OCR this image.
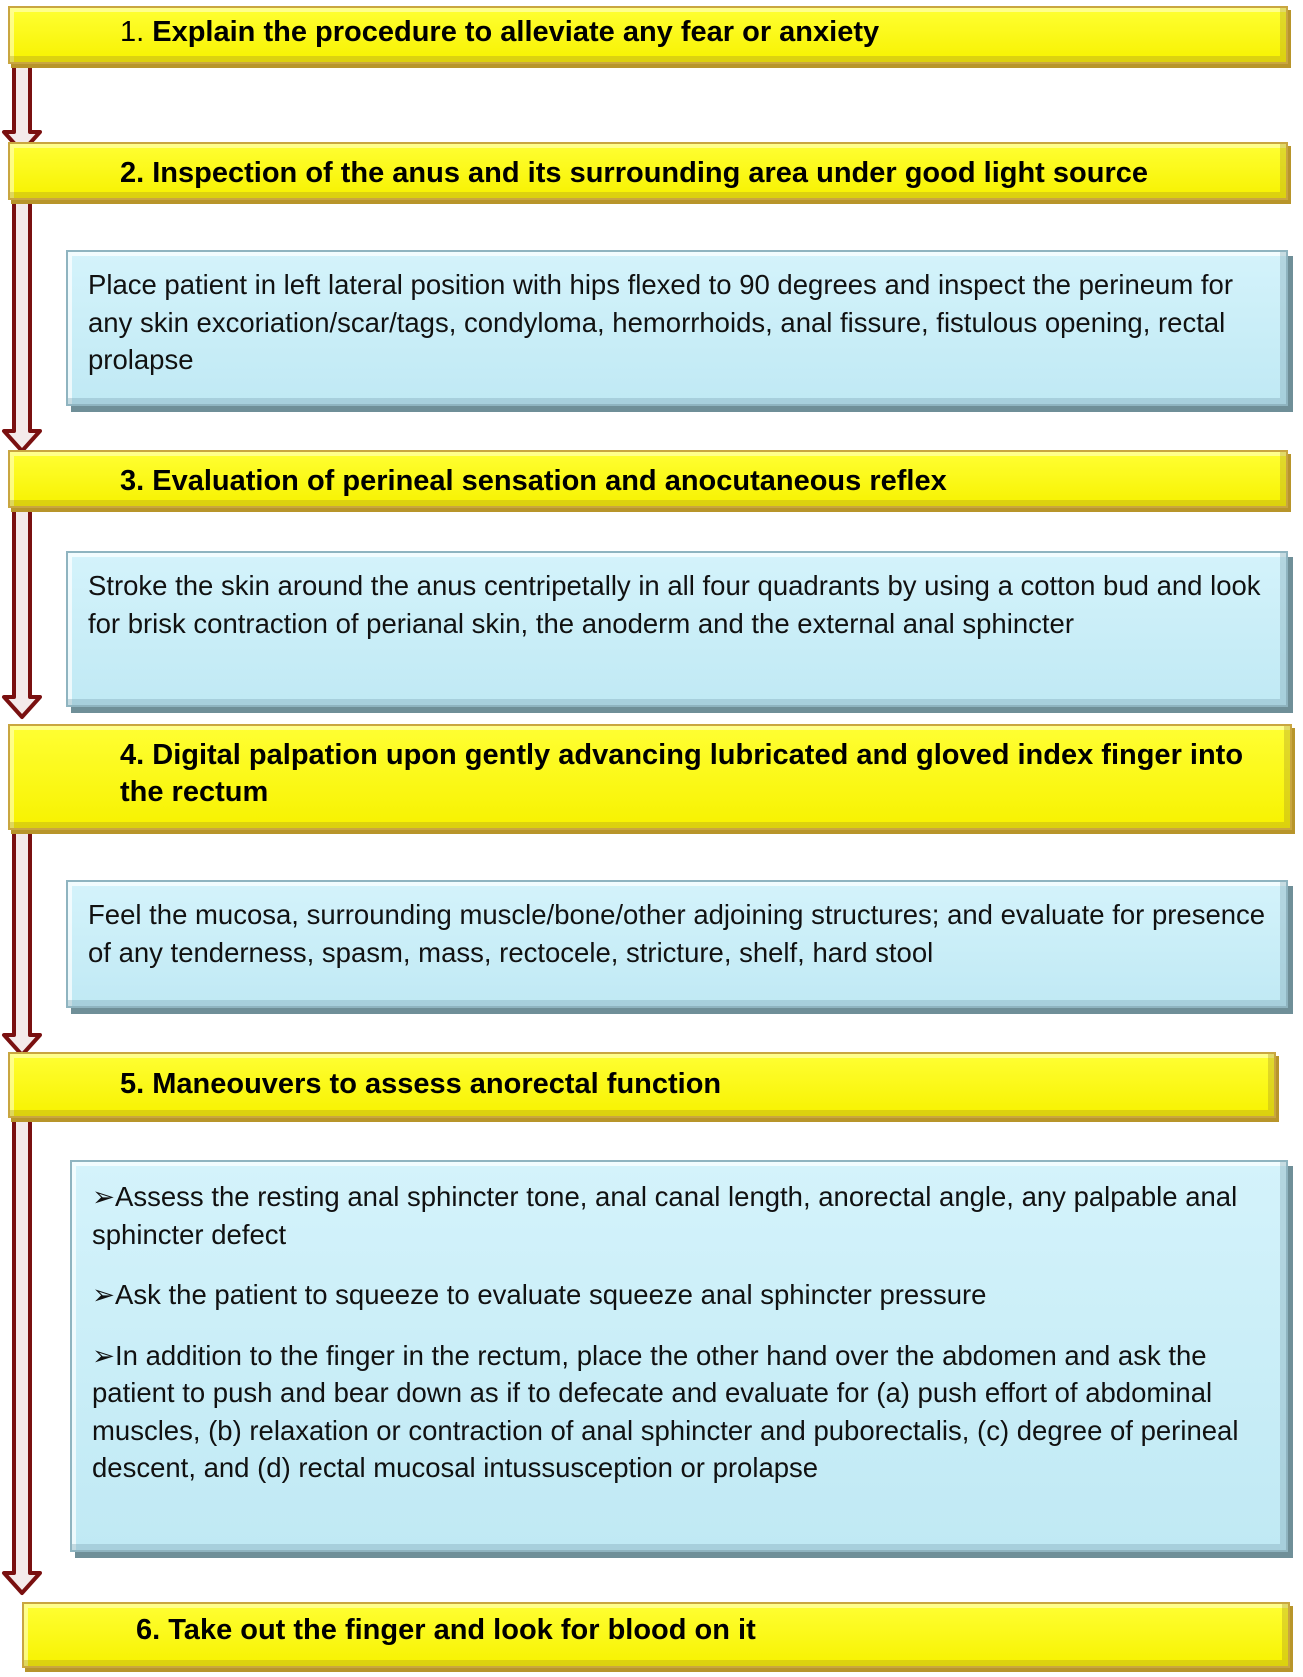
1. Explain the procedure to alleviate any fear or anxiety
2. Inspection of the anus and its surrounding area under good light source

Place patient in left lateral position with hips flexed to 90 degrees and inspect the perineum for any skin excoriation/scar/tags, condyloma, hemorrhoids, anal fissure, fistulous opening, rectal prolapse

3. Evaluation of perineal sensation and anocutaneous reflex

Stroke the skin around the anus centripetally in all four quadrants by using a cotton bud and look for brisk contraction of perianal skin, the anoderm and the external anal sphincter

4. Digital palpation upon gently advancing lubricated and gloved index finger into the rectum

Feel the mucosa, surrounding muscle/bone/other adjoining structures; and evaluate for presence of any tenderness, spasm, mass, rectocele, stricture, shelf, hard stool

5. Maneouvers to assess anorectal function

➢Assess the resting anal sphincter tone, anal canal length, anorectal angle, any palpable anal sphincter defect

➢Ask the patient to squeeze to evaluate squeeze anal sphincter pressure

➢In addition to the finger in the rectum, place the other hand over the abdomen and ask the patient to push and bear down as if to defecate and evaluate for (a) push effort of abdominal muscles, (b) relaxation or contraction of anal sphincter and puborectalis, (c) degree of perineal descent, and (d) rectal mucosal intussusception or prolapse

6. Take out the finger and look for blood on it
